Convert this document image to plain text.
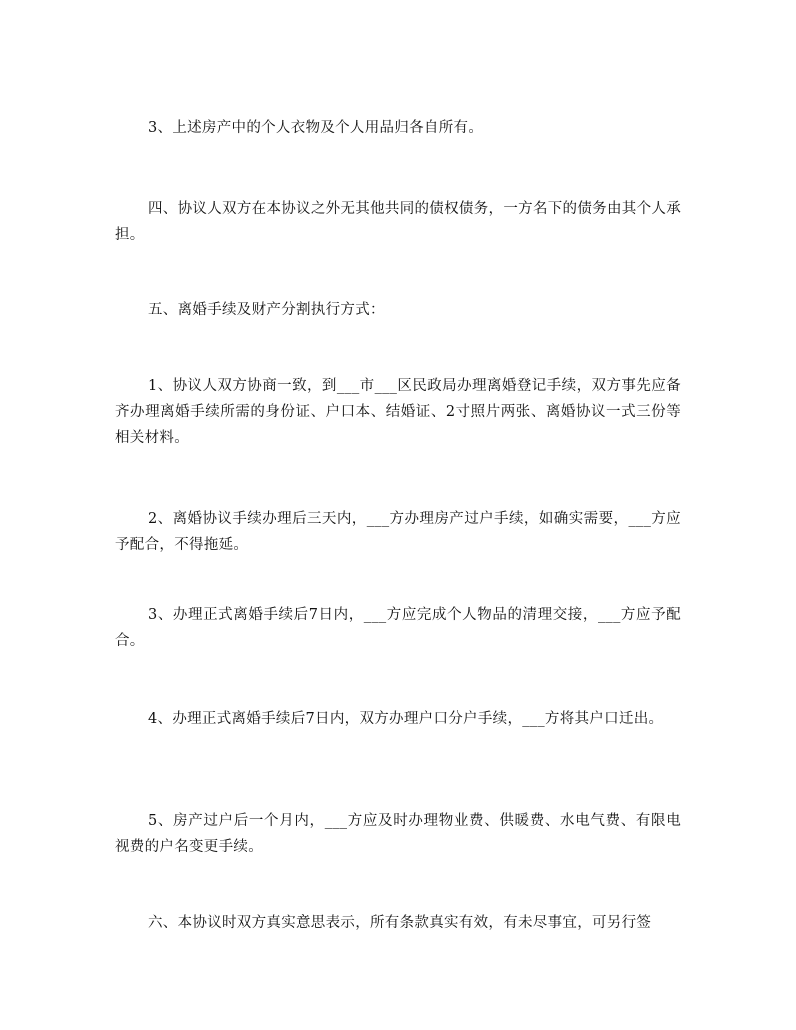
3、上述房产中的个人衣物及个人用品归各自所有。

四、协议人双方在本协议之外无其他共同的债权债务，一方名下的债务由其个人承担。

五、离婚手续及财产分割执行方式：

1、协议人双方协商一致，到___市___区民政局办理离婚登记手续，双方事先应备齐办理离婚手续所需的身份证、户口本、结婚证、2寸照片两张、离婚协议一式三份等相关材料。

2、离婚协议手续办理后三天内，___方办理房产过户手续，如确实需要，___方应予配合，不得拖延。

3、办理正式离婚手续后7日内，___方应完成个人物品的清理交接，___方应予配合。

4、办理正式离婚手续后7日内，双方办理户口分户手续，___方将其户口迁出。

5、房产过户后一个月内，___方应及时办理物业费、供暖费、水电气费、有限电视费的户名变更手续。

六、本协议时双方真实意思表示，所有条款真实有效，有未尽事宜，可另行签
